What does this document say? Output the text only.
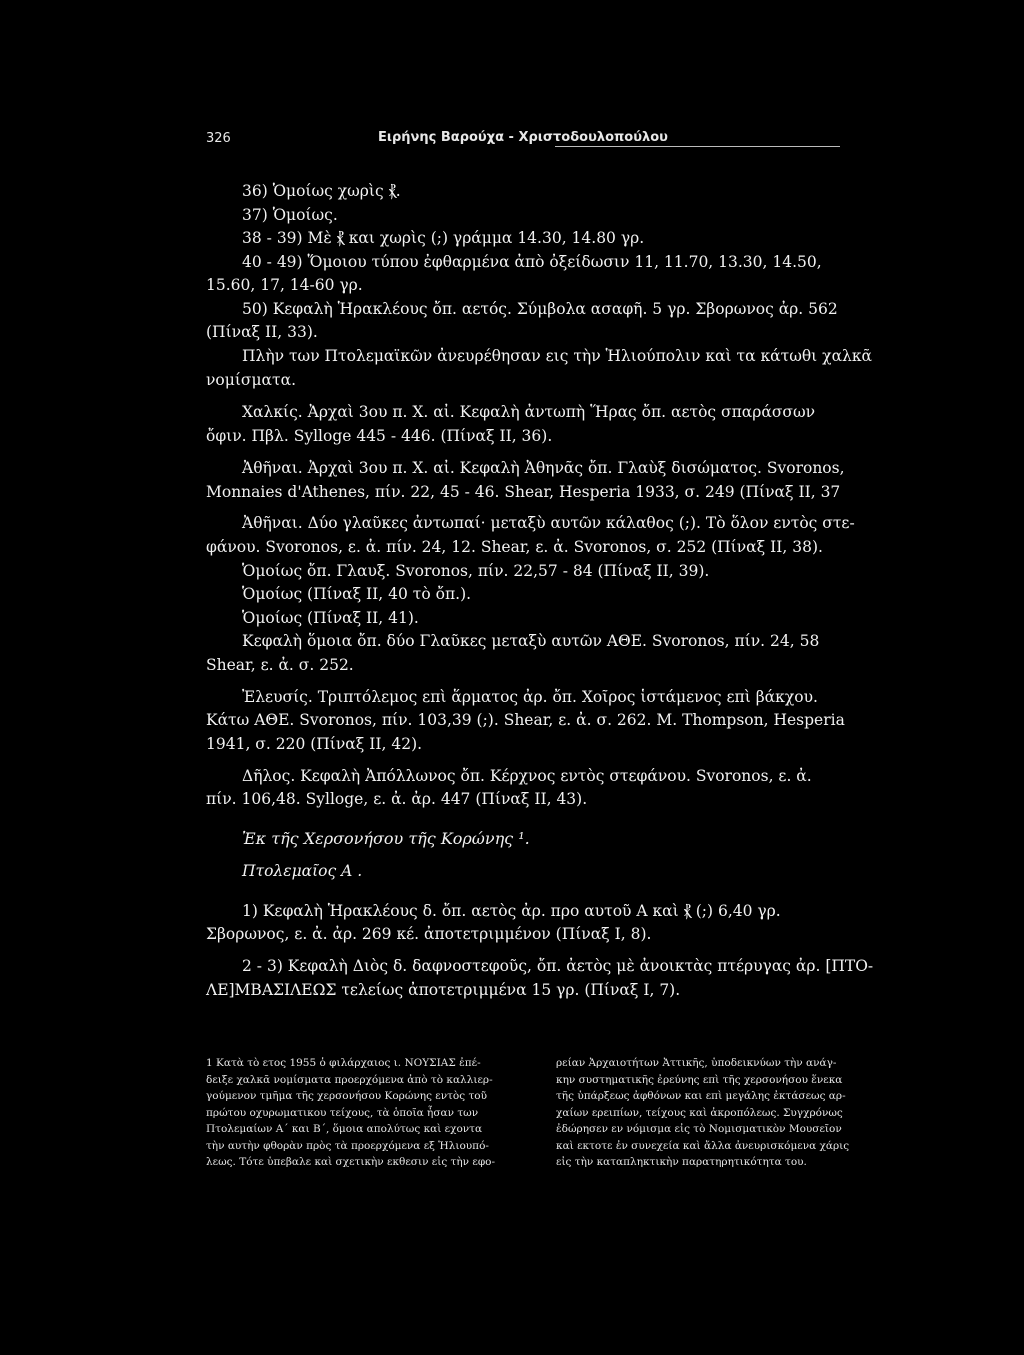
326	Ειρήνης Βαρούχα - Χριστοδουλοπούλου
36) Ὁμοίως χωρὶς ⳩.
37) Ὁμοίως.
38 - 39) Μὲ ⳩ και χωρὶς (;) γράμμα 14.30, 14.80 γρ.
40 - 49) Ὅμοιου τύπου ἐφθαρμένα ἀπὸ ὀξείδωσιν 11, 11.70, 13.30, 14.50,
15.60, 17, 14-60 γρ.
50) Κεφαλὴ Ἡρακλέους ὄπ. αετός. Σύμβολα ασαφῆ. 5 γρ. Σβορωνος ἀρ. 562
(Πίναξ ΙΙ, 33).
Πλὴν των Πτολεμαϊκῶν ἀνευρέθησαν εις τὴν Ἡλιούπολιν καὶ τα κάτωθι χαλκᾶ
νομίσματα.
Χαλκίς. Ἀρχαὶ 3ου π. Χ. αἰ. Κεφαλὴ ἀντωπὴ Ἥρας ὄπ. αετὸς σπαράσσων
ὄφιν. Πβλ. Sylloge 445 - 446. (Πίναξ ΙΙ, 36).
Ἀθῆναι. Ἀρχαὶ 3ου π. Χ. αἰ. Κεφαλὴ Ἀθηνᾶς ὄπ. Γλαὺξ δισώματος. Svoronos,
Monnaies d'Athenes, πίν. 22, 45 - 46. Shear, Hesperia 1933, σ. 249 (Πίναξ ΙΙ, 37
Ἀθῆναι. Δύο γλαῦκες ἀντωπαί· μεταξὺ αυτῶν κάλαθος (;). Τὸ ὅλον εντὸς στε-
φάνου. Svoronos, ε. ἀ. πίν. 24, 12. Shear, ε. ἀ. Svoronos, σ. 252 (Πίναξ ΙΙ, 38).
Ὁμοίως ὄπ. Γλαυξ. Svoronos, πίν. 22,57 - 84 (Πίναξ ΙΙ, 39).
Ὁμοίως (Πίναξ ΙΙ, 40 τὸ ὄπ.).
Ὁμοίως (Πίναξ ΙΙ, 41).
Κεφαλὴ ὅμοια ὄπ. δύο Γλαῦκες μεταξὺ αυτῶν ΑΘΕ. Svoronos, πίν. 24, 58
Shear, ε. ἀ. σ. 252.
Ἐλευσίς. Τριπτόλεμος επὶ ἅρματος ἀρ. ὄπ. Χοῖρος ἱστάμενος επὶ βάκχου.
Κάτω ΑΘΕ. Svoronos, πίν. 103,39 (;). Shear, ε. ἀ. σ. 262. M. Thompson, Hesperia
1941, σ. 220 (Πίναξ ΙΙ, 42).
Δῆλος. Κεφαλὴ Ἀπόλλωνος ὄπ. Κέρχνος εντὸς στεφάνου. Svoronos, ε. ἀ.
πίν. 106,48. Sylloge, ε. ἀ. ἀρ. 447 (Πίναξ ΙΙ, 43).
Ἐκ τῆς Χερσονήσου τῆς Κορώνης ¹.
Πτολεμαῖος Α .
1) Κεφαλὴ Ἡρακλέους δ. ὄπ. αετὸς ἀρ. προ αυτοῦ Α καὶ ⳩ (;) 6,40 γρ.
Σβορωνος, ε. ἀ. ἀρ. 269 κέ. ἀποτετριμμένον (Πίναξ Ι, 8).
2 - 3) Κεφαλὴ Διὸς δ. δαφνοστεφοῦς, ὄπ. ἀετὸς μὲ ἀνοικτὰς πτέρυγας ἀρ. [ΠΤΟ-
ΛΕ]ΜΒΑΣΙΛΕΩΣ τελείως ἀποτετριμμένα 15 γρ. (Πίναξ Ι, 7).
1 Κατὰ τὸ ετος 1955 ὁ φιλάρχαιος ι. ΝΟΥΣΙΑΣ ἐπέ-
δειξε χαλκᾶ νομίσματα προερχόμενα ἀπὸ τὸ καλλιερ-
γούμενον τμῆμα τῆς χερσονήσου Κορώνης εντὸς τοῦ
πρώτου οχυρωματικου τείχους, τὰ ὁποῖα ἦσαν των
Πτολεμαίων Α΄ και Β΄, ὅμοια απολύτως καὶ εχοντα
τὴν αυτὴν φθορὰν πρὸς τὰ προερχόμενα εξ Ἡλιουπό-
λεως. Τότε ὑπεβαλε καὶ σχετικὴν εκθεσιν εἰς τὴν εφο-
ρείαν Ἀρχαιοτήτων Ἀττικῆς, ὑποδεικνύων τὴν ανάγ-
κην συστηματικῆς ἐρεύνης επὶ τῆς χερσονήσου ἕνεκα
τῆς ὑπάρξεως ἀφθόνων και επὶ μεγάλης ἐκτάσεως αρ-
χαίων ερειπίων, τείχους καὶ ἀκροπόλεως. Συγχρόνως
ἐδώρησεν εν νόμισμα εἰς τὸ Νομισματικὸν Μουσεῖον
καὶ εκτοτε ἐν συνεχεία καὶ ἄλλα ἀνευρισκόμενα χάρις
εἰς τὴν καταπληκτικὴν παρατηρητικότητα του.
